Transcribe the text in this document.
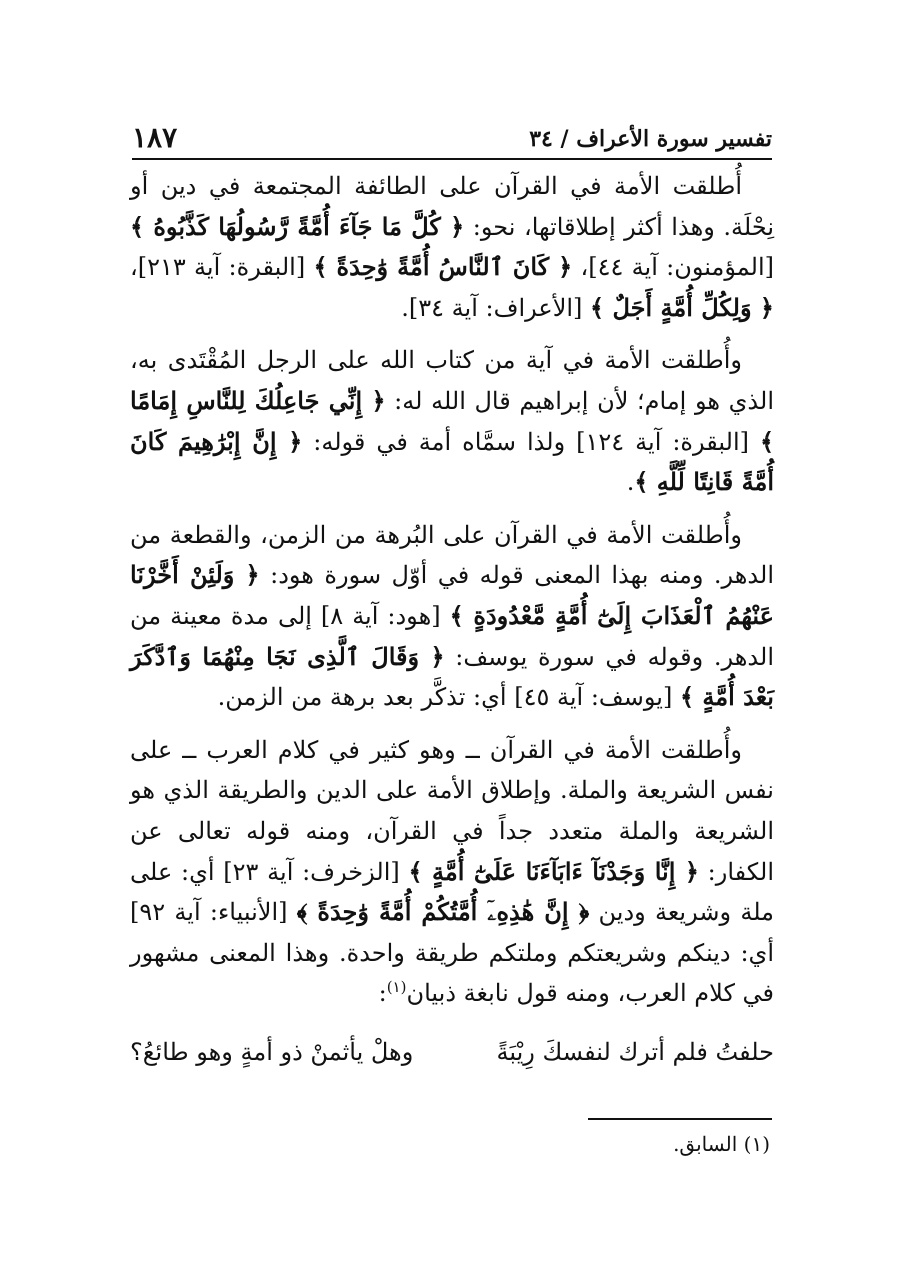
تفسير سورة الأعراف / ٣٤
١٨٧

أُطلقت الأمة في القرآن على الطائفة المجتمعة في دين أو نِحْلَة. وهذا أكثر إطلاقاتها، نحو: ﴿ كُلَّ مَا جَآءَ أُمَّةً رَّسُولُهَا كَذَّبُوهُ ﴾ [المؤمنون: آية ٤٤]، ﴿ كَانَ ٱلنَّاسُ أُمَّةً وَٰحِدَةً ﴾ [البقرة: آية ٢١٣]، ﴿ وَلِكُلِّ أُمَّةٍ أَجَلٌ ﴾ [الأعراف: آية ٣٤].

وأُطلقت الأمة في آية من كتاب الله على الرجل المُقْتَدى به، الذي هو إمام؛ لأن إبراهيم قال الله له: ﴿ إِنِّي جَاعِلُكَ لِلنَّاسِ إِمَامًا ﴾ [البقرة: آية ١٢٤] ولذا سمَّاه أمة في قوله: ﴿ إِنَّ إِبْرَٰهِيمَ كَانَ أُمَّةً قَانِتًا لِّلَّهِ ﴾.

وأُطلقت الأمة في القرآن على البُرهة من الزمن، والقطعة من الدهر. ومنه بهذا المعنى قوله في أوّل سورة هود: ﴿ وَلَئِنْ أَخَّرْنَا عَنْهُمُ ٱلْعَذَابَ إِلَىٰٓ أُمَّةٍ مَّعْدُودَةٍ ﴾ [هود: آية ٨] إلى مدة معينة من الدهر. وقوله في سورة يوسف: ﴿ وَقَالَ ٱلَّذِى نَجَا مِنْهُمَا وَٱدَّكَرَ بَعْدَ أُمَّةٍ ﴾ [يوسف: آية ٤٥] أي: تذكَّر بعد برهة من الزمن.

وأُطلقت الأمة في القرآن ــ وهو كثير في كلام العرب ــ على نفس الشريعة والملة. وإطلاق الأمة على الدين والطريقة الذي هو الشريعة والملة متعدد جداً في القرآن، ومنه قوله تعالى عن الكفار: ﴿ إِنَّا وَجَدْنَآ ءَابَآءَنَا عَلَىٰٓ أُمَّةٍ ﴾ [الزخرف: آية ٢٣] أي: على ملة وشريعة ودين ﴿ إِنَّ هَٰذِهِۦٓ أُمَّتُكُمْ أُمَّةً وَٰحِدَةً ﴾ [الأنبياء: آية ٩٢] أي: دينكم وشريعتكم وملتكم طريقة واحدة. وهذا المعنى مشهور في كلام العرب، ومنه قول نابغة ذبيان$^{(١)}$:

حلفتُ فلم أترك لنفسكَ رِيْبَةً
وهلْ يأثمنْ ذو أمةٍ وهو طائعُ؟
(١) السابق.
